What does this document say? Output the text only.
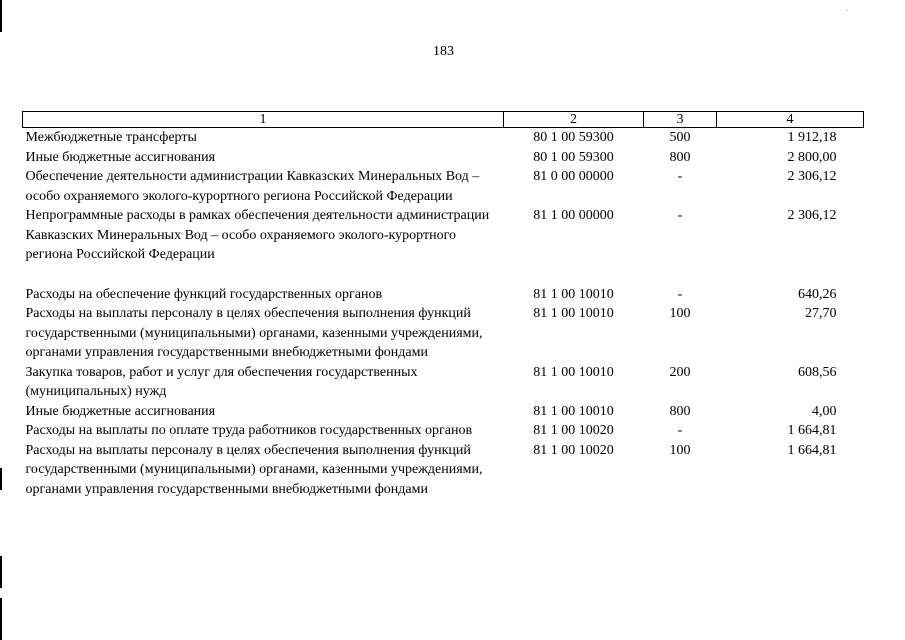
183
1	2	3	4
Межбюджетные трансферты	80 1 00 59300	500	1 912,18
Иные бюджетные ассигнования	80 1 00 59300	800	2 800,00
Обеспечение деятельности администрации Кавказских Минеральных Вод – особо охраняемого эколого-курортного региона Российской Федерации	81 0 00 00000	-	2 306,12
Непрограммные расходы в рамках обеспечения деятельности администрации Кавказских Минеральных Вод – особо охраняемого эколого-курортного региона Российской Федерации	81 1 00 00000	-	2 306,12

Расходы на обеспечение функций государственных органов	81 1 00 10010	-	640,26
Расходы на выплаты персоналу в целях обеспечения выполнения функций государственными (муниципальными) органами, казенными учреждениями, органами управления государственными внебюджетными фондами	81 1 00 10010	100	27,70
Закупка товаров, работ и услуг для обеспечения государственных (муниципальных) нужд	81 1 00 10010	200	608,56
Иные бюджетные ассигнования	81 1 00 10010	800	4,00
Расходы на выплаты по оплате труда работников государственных органов	81 1 00 10020	-	1 664,81
Расходы на выплаты персоналу в целях обеспечения выполнения функций государственными (муниципальными) органами, казенными учреждениями, органами управления государственными внебюджетными фондами	81 1 00 10020	100	1 664,81
